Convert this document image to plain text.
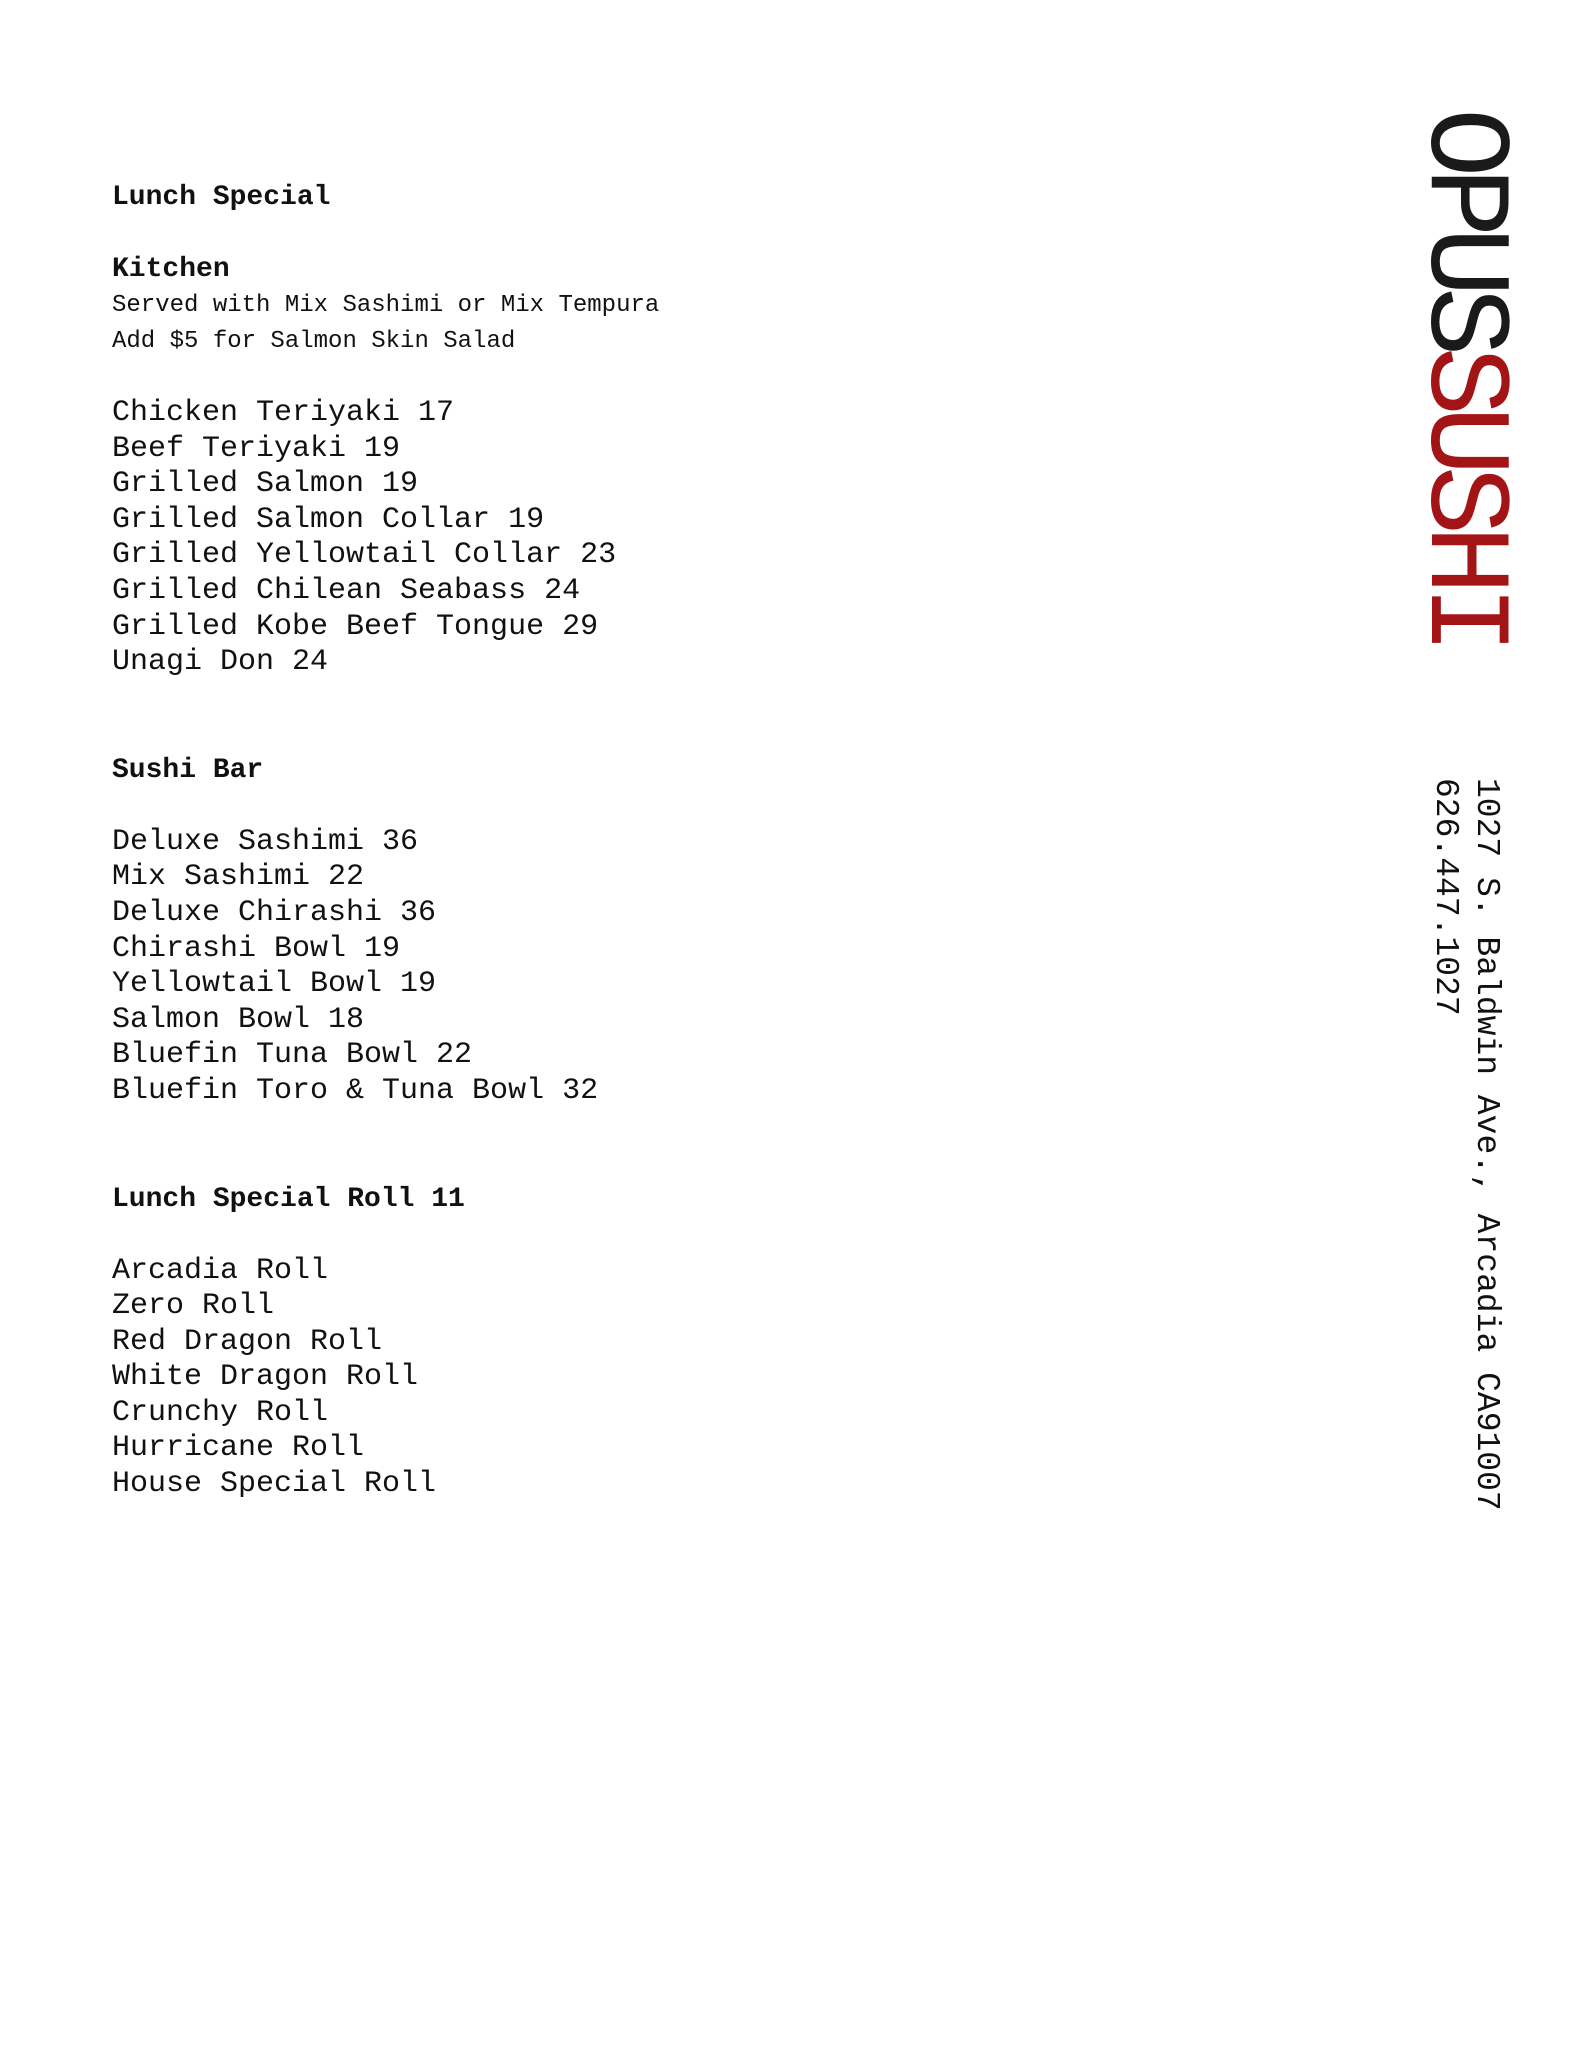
Lunch Special
Kitchen

Served with Mix Sashimi or Mix Tempura

Add $5 for Salmon Skin Salad

Chicken Teriyaki 17
Beef Teriyaki 19
Grilled Salmon 19
Grilled Salmon Collar 19
Grilled Yellowtail Collar 23
Grilled Chilean Seabass 24
Grilled Kobe Beef Tongue 29
Unagi Don 24
Sushi Bar
Deluxe Sashimi 36
Mix Sashimi 22
Deluxe Chirashi 36
Chirashi Bowl 19
Yellowtail Bowl 19
Salmon Bowl 18
Bluefin Tuna Bowl 22
Bluefin Toro & Tuna Bowl 32
Lunch Special Roll 11
Arcadia Roll
Zero Roll
Red Dragon Roll
White Dragon Roll
Crunchy Roll
Hurricane Roll
House Special Roll
OPUSSUSHI
1027 S. Baldwin Ave., Arcadia CA91007
626.447.1027
